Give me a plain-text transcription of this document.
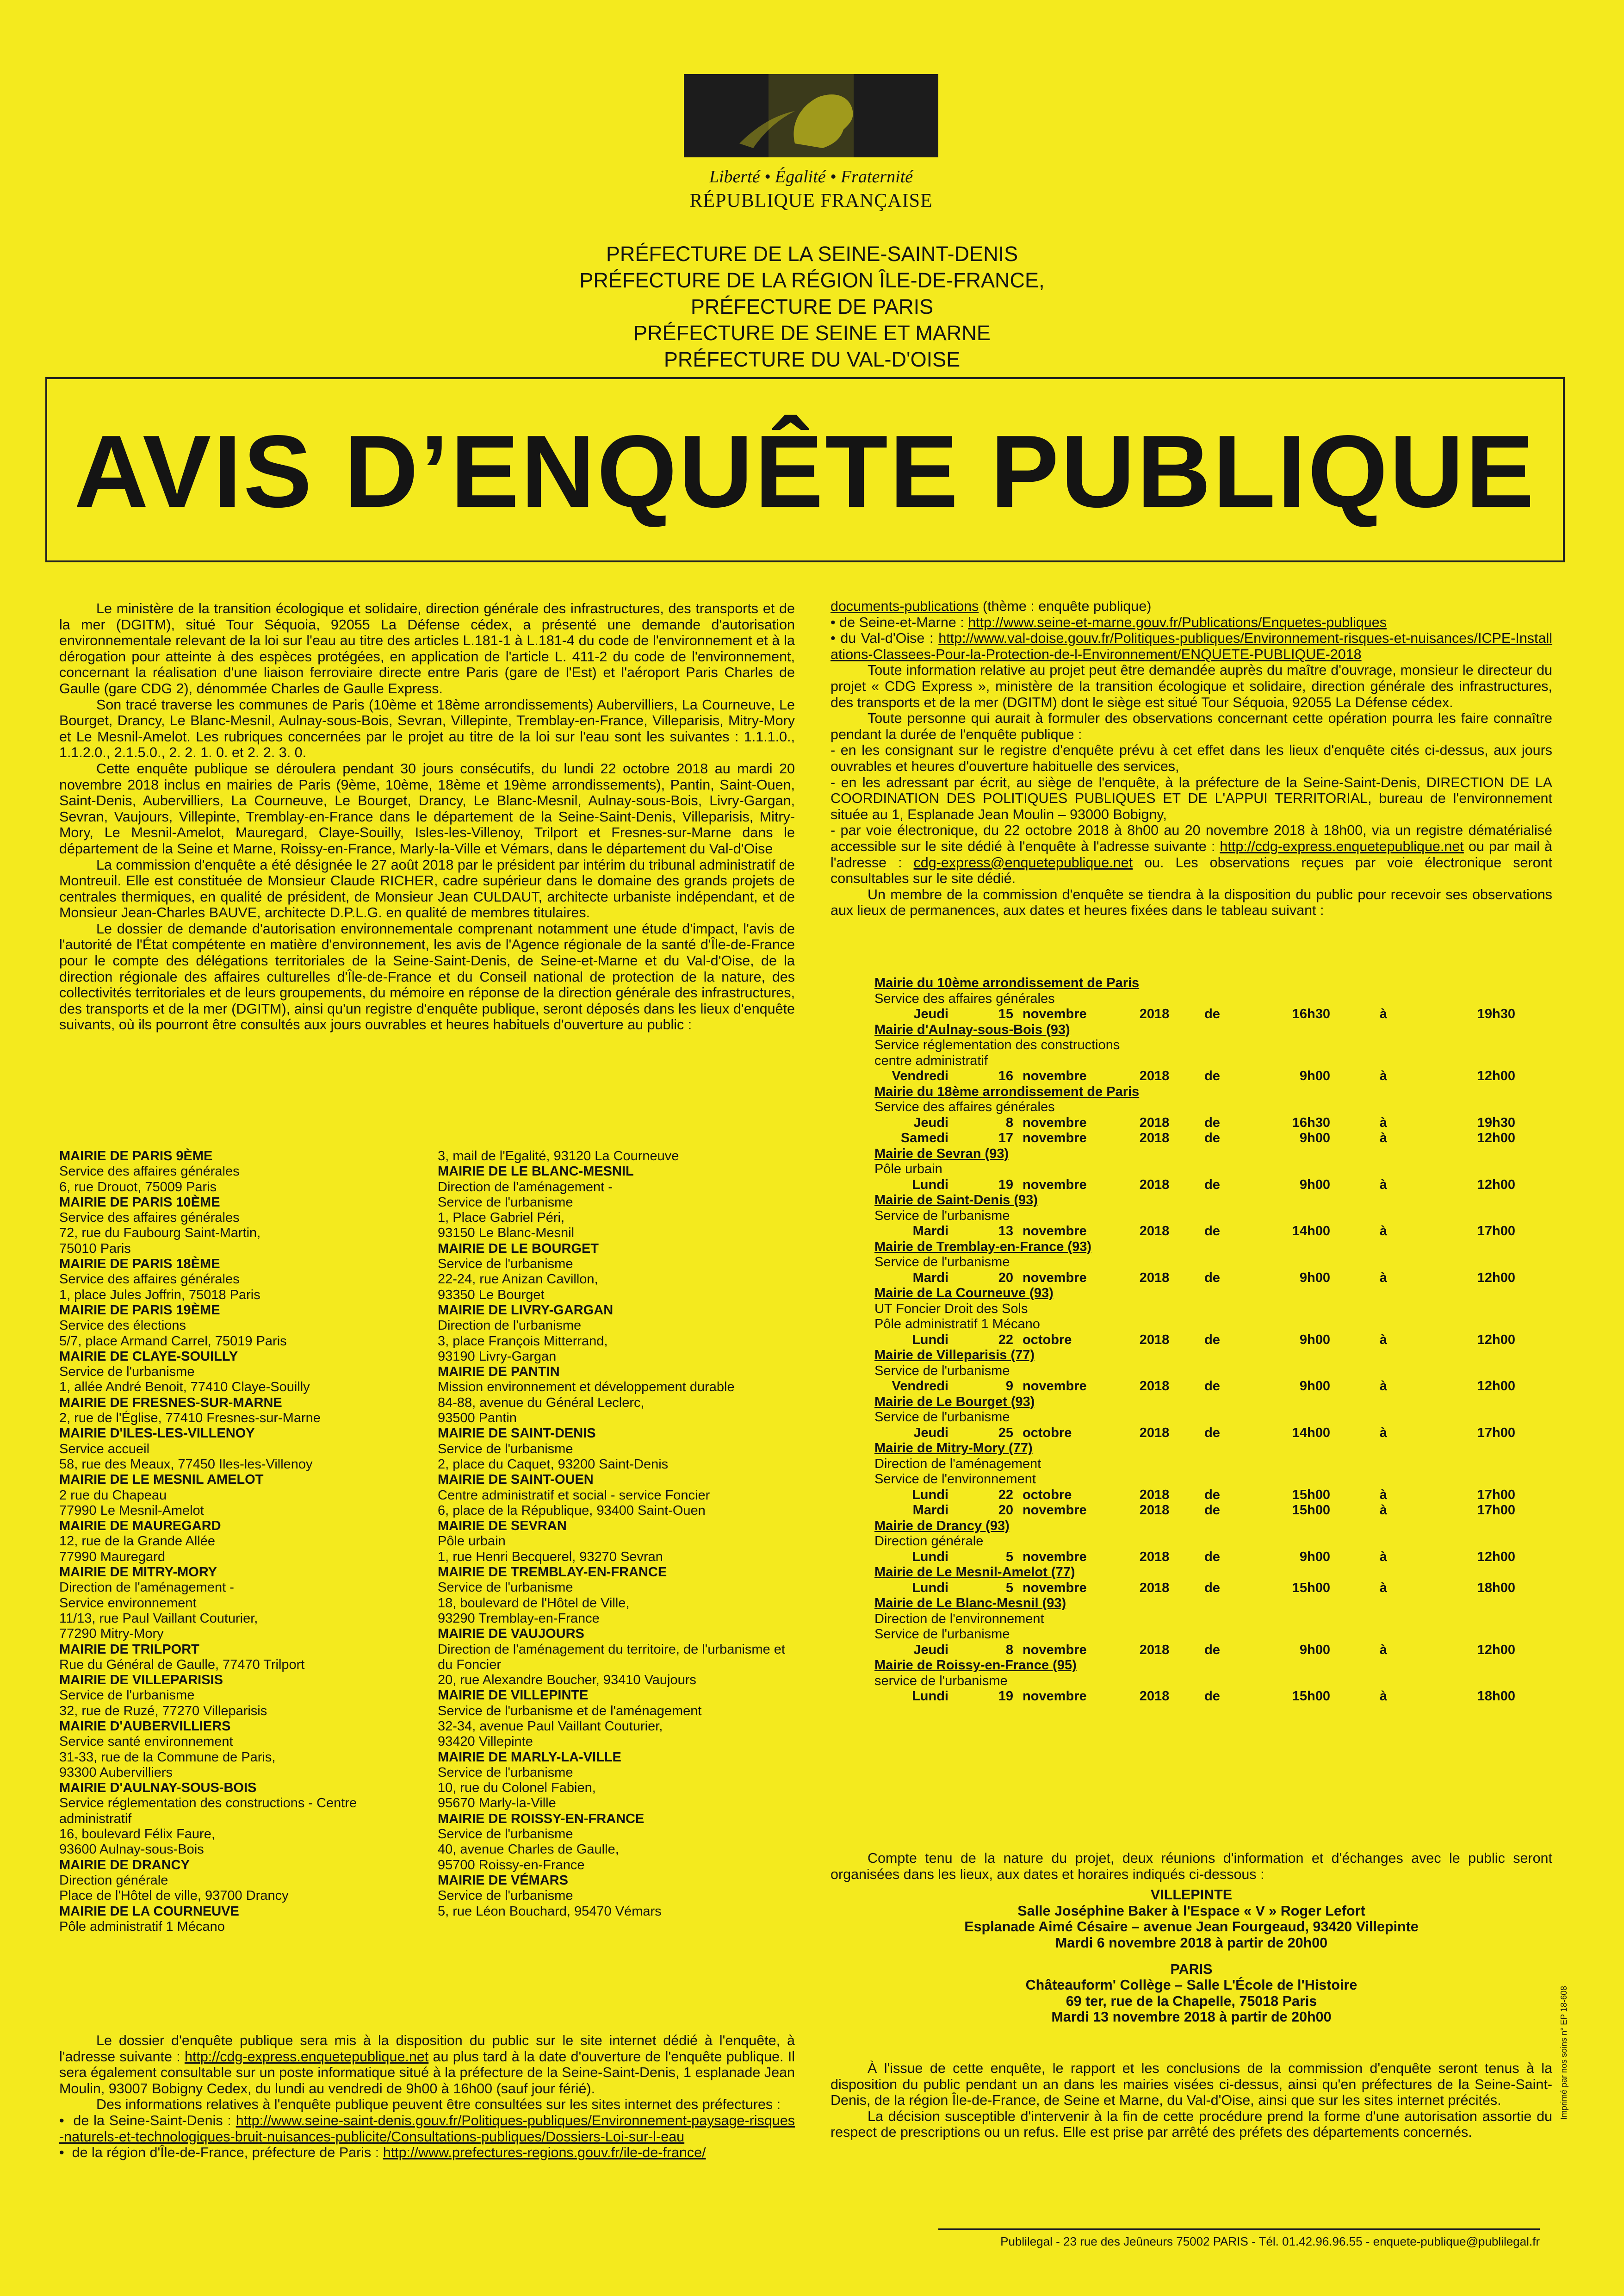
Liberté • Égalité • Fraternité
RÉPUBLIQUE FRANÇAISE
PRÉFECTURE DE LA SEINE-SAINT-DENIS
PRÉFECTURE DE LA RÉGION ÎLE-DE-FRANCE,
PRÉFECTURE DE PARIS
PRÉFECTURE DE SEINE ET MARNE
PRÉFECTURE DU VAL-D'OISE
AVIS D’ENQUÊTE PUBLIQUE

Le ministère de la transition écologique et solidaire, direction générale des infrastructures, des transports et de la mer (DGITM), situé Tour Séquoia, 92055 La Défense cédex, a présenté une demande d'autorisation environnementale relevant de la loi sur l'eau au titre des articles L.181-1 à L.181-4 du code de l'environnement et à la dérogation pour atteinte à des espèces protégées, en application de l'article L. 411-2 du code de l'environnement, concernant la réalisation d'une liaison ferroviaire directe entre Paris (gare de l'Est) et l'aéroport Paris Charles de Gaulle (gare CDG 2), dénommée Charles de Gaulle Express.

Son tracé traverse les communes de Paris (10ème et 18ème arrondissements) Aubervilliers, La Courneuve, Le Bourget, Drancy, Le Blanc-Mesnil, Aulnay-sous-Bois, Sevran, Villepinte, Tremblay-en-France, Villeparisis, Mitry-Mory et Le Mesnil-Amelot. Les rubriques concernées par le projet au titre de la loi sur l'eau sont les suivantes : 1.1.1.0., 1.1.2.0., 2.1.5.0., 2. 2. 1. 0. et 2. 2. 3. 0.

Cette enquête publique se déroulera pendant 30 jours consécutifs, du lundi 22 octobre 2018 au mardi 20 novembre 2018 inclus en mairies de Paris (9ème, 10ème, 18ème et 19ème arrondissements), Pantin, Saint-Ouen, Saint-Denis, Aubervilliers, La Courneuve, Le Bourget, Drancy, Le Blanc-Mesnil, Aulnay-sous-Bois, Livry-Gargan, Sevran, Vaujours, Villepinte, Tremblay-en-France dans le département de la Seine-Saint-Denis, Villeparisis, Mitry-Mory, Le Mesnil-Amelot, Mauregard, Claye-Souilly, Isles-les-Villenoy, Trilport et Fresnes-sur-Marne dans le département de la Seine et Marne, Roissy-en-France, Marly-la-Ville et Vémars, dans le département du Val-d'Oise

La commission d'enquête a été désignée le 27 août 2018 par le président par intérim du tribunal administratif de Montreuil. Elle est constituée de Monsieur Claude RICHER, cadre supérieur dans le domaine des grands projets de centrales thermiques, en qualité de président, de Monsieur Jean CULDAUT, architecte urbaniste indépendant, et de Monsieur Jean-Charles BAUVE, architecte D.P.L.G. en qualité de membres titulaires.

Le dossier de demande d'autorisation environnementale comprenant notamment une étude d'impact, l'avis de l'autorité de l'État compétente en matière d'environnement, les avis de l'Agence régionale de la santé d'Île-de-France pour le compte des délégations territoriales de la Seine-Saint-Denis, de Seine-et-Marne et du Val-d'Oise, de la direction régionale des affaires culturelles d'Île-de-France et du Conseil national de protection de la nature, des collectivités territoriales et de leurs groupements, du mémoire en réponse de la direction générale des infrastructures, des transports et de la mer (DGITM), ainsi qu'un registre d'enquête publique, seront déposés dans les lieux d'enquête suivants, où ils pourront être consultés aux jours ouvrables et heures habituels d'ouverture au public :

MAIRIE DE PARIS 9ÈME
Service des affaires générales
6, rue Drouot, 75009 Paris
MAIRIE DE PARIS 10ÈME
Service des affaires générales
72, rue du Faubourg Saint-Martin,
75010 Paris
MAIRIE DE PARIS 18ÈME
Service des affaires générales
1, place Jules Joffrin, 75018 Paris
MAIRIE DE PARIS 19ÈME
Service des élections
5/7, place Armand Carrel, 75019 Paris
MAIRIE DE CLAYE-SOUILLY
Service de l'urbanisme
1, allée André Benoit, 77410 Claye-Souilly
MAIRIE DE FRESNES-SUR-MARNE
2, rue de l'Église, 77410 Fresnes-sur-Marne
MAIRIE D'ILES-LES-VILLENOY
Service accueil
58, rue des Meaux, 77450 Iles-les-Villenoy
MAIRIE DE LE MESNIL AMELOT
2 rue du Chapeau
77990 Le Mesnil-Amelot
MAIRIE DE MAUREGARD
12, rue de la Grande Allée
77990 Mauregard
MAIRIE DE MITRY-MORY
Direction de l'aménagement -
Service environnement
11/13, rue Paul Vaillant Couturier,
77290 Mitry-Mory
MAIRIE DE TRILPORT
Rue du Général de Gaulle, 77470 Trilport
MAIRIE DE VILLEPARISIS
Service de l'urbanisme
32, rue de Ruzé, 77270 Villeparisis
MAIRIE D'AUBERVILLIERS
Service santé environnement
31-33, rue de la Commune de Paris,
93300 Aubervilliers
MAIRIE D'AULNAY-SOUS-BOIS
Service réglementation des constructions - Centre administratif
16, boulevard Félix Faure,
93600 Aulnay-sous-Bois
MAIRIE DE DRANCY
Direction générale
Place de l'Hôtel de ville, 93700 Drancy
MAIRIE DE LA COURNEUVE
Pôle administratif 1 Mécano
3, mail de l'Egalité, 93120 La Courneuve
MAIRIE DE LE BLANC-MESNIL
Direction de l'aménagement -
Service de l'urbanisme
1, Place Gabriel Péri,
93150 Le Blanc-Mesnil
MAIRIE DE LE BOURGET
Service de l'urbanisme
22-24, rue Anizan Cavillon,
93350 Le Bourget
MAIRIE DE LIVRY-GARGAN
Direction de l'urbanisme
3, place François Mitterrand,
93190 Livry-Gargan
MAIRIE DE PANTIN
Mission environnement et développement durable
84-88, avenue du Général Leclerc,
93500 Pantin
MAIRIE DE SAINT-DENIS
Service de l'urbanisme
2, place du Caquet, 93200 Saint-Denis
MAIRIE DE SAINT-OUEN
Centre administratif et social - service Foncier
6, place de la République, 93400 Saint-Ouen
MAIRIE DE SEVRAN
Pôle urbain
1, rue Henri Becquerel, 93270 Sevran
MAIRIE DE TREMBLAY-EN-FRANCE
Service de l'urbanisme
18, boulevard de l'Hôtel de Ville,
93290 Tremblay-en-France
MAIRIE DE VAUJOURS
Direction de l'aménagement du territoire, de l'urbanisme et du Foncier
20, rue Alexandre Boucher, 93410 Vaujours
MAIRIE DE VILLEPINTE
Service de l'urbanisme et de l'aménagement
32-34, avenue Paul Vaillant Couturier,
93420 Villepinte
MAIRIE DE MARLY-LA-VILLE
Service de l'urbanisme
10, rue du Colonel Fabien,
95670 Marly-la-Ville
MAIRIE DE ROISSY-EN-FRANCE
Service de l'urbanisme
40, avenue Charles de Gaulle,
95700 Roissy-en-France
MAIRIE DE VÉMARS
Service de l'urbanisme
5, rue Léon Bouchard, 95470 Vémars

Le dossier d'enquête publique sera mis à la disposition du public sur le site internet dédié à l'enquête, à l'adresse suivante : http://cdg-express.enquetepublique.net au plus tard à la date d'ouverture de l'enquête publique. Il sera également consultable sur un poste informatique situé à la préfecture de la Seine-Saint-Denis, 1 esplanade Jean Moulin, 93007 Bobigny Cedex, du lundi au vendredi de 9h00 à 16h00 (sauf jour férié).

Des informations relatives à l'enquête publique peuvent être consultées sur les sites internet des préfectures :

•  de la Seine-Saint-Denis : http://www.seine-saint-denis.gouv.fr/Politiques-publiques/Environnement-paysage-risques-naturels-et-technologiques-bruit-nuisances-publicite/Consultations-publiques/Dossiers-Loi-sur-l-eau

•  de la région d'Île-de-France, préfecture de Paris : http://www.prefectures-regions.gouv.fr/ile-de-france/

documents-publications (thème : enquête publique)

• de Seine-et-Marne : http://www.seine-et-marne.gouv.fr/Publications/Enquetes-publiques

• du Val-d'Oise : http://www.val-doise.gouv.fr/Politiques-publiques/Environnement-risques-et-nuisances/ICPE-Installations-Classees-Pour-la-Protection-de-l-Environnement/ENQUETE-PUBLIQUE-2018

Toute information relative au projet peut être demandée auprès du maître d'ouvrage, monsieur le directeur du projet « CDG Express », ministère de la transition écologique et solidaire, direction générale des infrastructures, des transports et de la mer (DGITM) dont le siège est situé Tour Séquoia, 92055 La Défense cédex.

Toute personne qui aurait à formuler des observations concernant cette opération pourra les faire connaître pendant la durée de l'enquête publique :

- en les consignant sur le registre d'enquête prévu à cet effet dans les lieux d'enquête cités ci-dessus, aux jours ouvrables et heures d'ouverture habituelle des services,

- en les adressant par écrit, au siège de l'enquête, à la préfecture de la Seine-Saint-Denis, DIRECTION DE LA COORDINATION DES POLITIQUES PUBLIQUES ET DE L'APPUI TERRITORIAL, bureau de l'environnement située au 1, Esplanade Jean Moulin – 93000 Bobigny,

- par voie électronique, du 22 octobre 2018 à 8h00 au 20 novembre 2018 à 18h00, via un registre dématérialisé accessible sur le site dédié à l'enquête à l'adresse suivante : http://cdg-express.enquetepublique.net ou par mail à l'adresse : cdg-express@enquetepublique.net ou. Les observations reçues par voie électronique seront consultables sur le site dédié.

Un membre de la commission d'enquête se tiendra à la disposition du public pour recevoir ses observations aux lieux de permanences, aux dates et heures fixées dans le tableau suivant :

Mairie du 10ème arrondissement de Paris
Service des affaires générales
Jeudi	15 novembre	2018	de	16h30	à	19h30
Mairie d'Aulnay-sous-Bois (93)
Service réglementation des constructions
centre administratif
Vendredi	16 novembre	2018	de	9h00	à	12h00
Mairie du 18ème arrondissement de Paris
Service des affaires générales
Jeudi	8 novembre	2018	de	16h30	à	19h30
Samedi	17 novembre	2018	de	9h00	à	12h00
Mairie de Sevran (93)
Pôle urbain
Lundi	19 novembre	2018	de	9h00	à	12h00
Mairie de Saint-Denis (93)
Service de l'urbanisme
Mardi	13 novembre	2018	de	14h00	à	17h00
Mairie de Tremblay-en-France (93)
Service de l'urbanisme
Mardi	20 novembre	2018	de	9h00	à	12h00
Mairie de La Courneuve (93)
UT Foncier Droit des Sols
Pôle administratif 1 Mécano
Lundi	22 octobre	2018	de	9h00	à	12h00
Mairie de Villeparisis (77)
Service de l'urbanisme
Vendredi	9 novembre	2018	de	9h00	à	12h00
Mairie de Le Bourget (93)
Service de l'urbanisme
Jeudi	25 octobre	2018	de	14h00	à	17h00
Mairie de Mitry-Mory (77)
Direction de l'aménagement
Service de l'environnement
Lundi	22 octobre	2018	de	15h00	à	17h00
Mardi	20 novembre	2018	de	15h00	à	17h00
Mairie de Drancy (93)
Direction générale
Lundi	5 novembre	2018	de	9h00	à	12h00
Mairie de Le Mesnil-Amelot (77)
Lundi	5 novembre	2018	de	15h00	à	18h00
Mairie de Le Blanc-Mesnil (93)
Direction de l'environnement
Service de l'urbanisme
Jeudi	8 novembre	2018	de	9h00	à	12h00
Mairie de Roissy-en-France (95)
service de l'urbanisme
Lundi	19 novembre	2018	de	15h00	à	18h00

Compte tenu de la nature du projet, deux réunions d'information et d'échanges avec le public seront organisées dans les lieux, aux dates et horaires indiqués ci-dessous :

VILLEPINTE
Salle Joséphine Baker à l'Espace « V » Roger Lefort
Esplanade Aimé Césaire – avenue Jean Fourgeaud, 93420 Villepinte
Mardi 6 novembre 2018 à partir de 20h00
PARIS
Châteauform' Collège – Salle L'École de l'Histoire
69 ter, rue de la Chapelle, 75018 Paris
Mardi 13 novembre 2018 à partir de 20h00

À l'issue de cette enquête, le rapport et les conclusions de la commission d'enquête seront tenus à la disposition du public pendant un an dans les mairies visées ci-dessus, ainsi qu'en préfectures de la Seine-Saint-Denis, de la région Île-de-France, de Seine et Marne, du Val-d'Oise, ainsi que sur les sites internet précités.

La décision susceptible d'intervenir à la fin de cette procédure prend la forme d'une autorisation assortie du respect de prescriptions ou un refus. Elle est prise par arrêté des préfets des départements concernés.

Publilegal - 23 rue des Jeûneurs 75002 PARIS - Tél. 01.42.96.96.55 - enquete-publique@publilegal.fr
Imprimé par nos soins n° EP 18-608
